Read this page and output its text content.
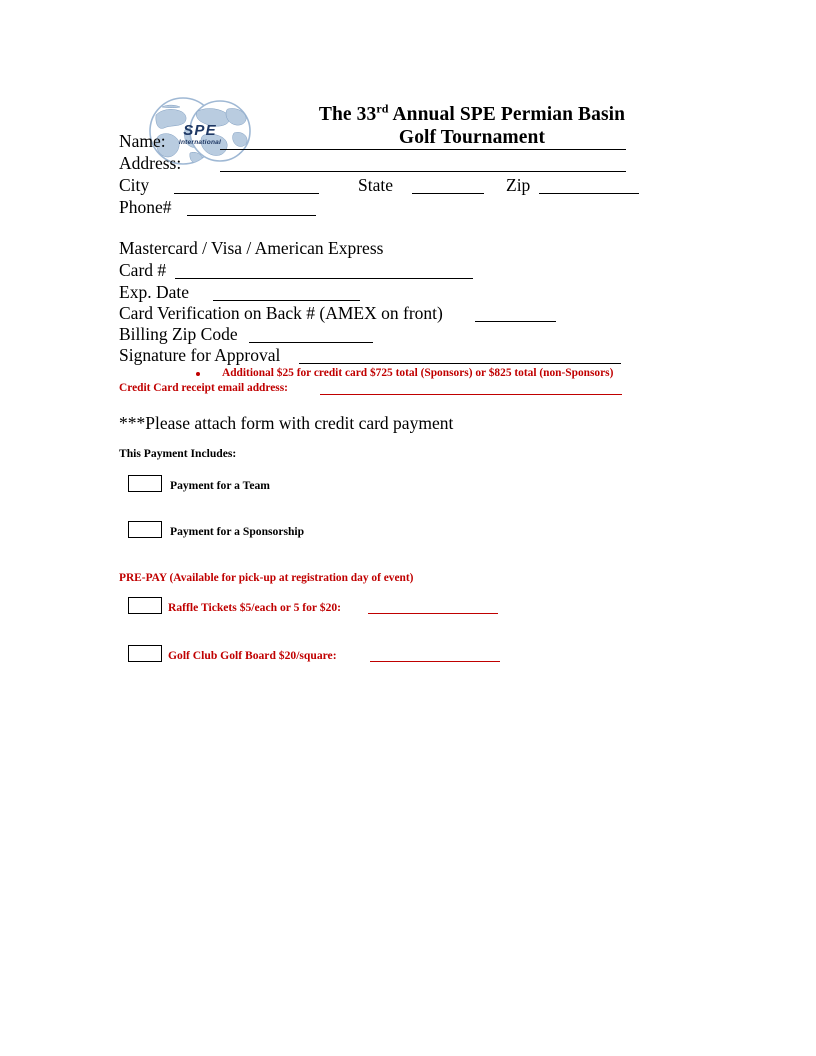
SPE
International
The 33rd Annual SPE Permian Basin
Golf Tournament
Name:
Address:
City	State	Zip
Phone#
Mastercard / Visa / American Express
Card #
Exp. Date
Card Verification on Back # (AMEX on front)
Billing Zip Code
Signature for Approval
Additional $25 for credit card $725 total (Sponsors) or $825 total (non-Sponsors)
Credit Card receipt email address:
***Please attach form with credit card payment
This Payment Includes:
Payment for a Team
Payment for a Sponsorship
PRE-PAY (Available for pick-up at registration day of event)
Raffle Tickets $5/each or 5 for $20:
Golf Club Golf Board $20/square:
